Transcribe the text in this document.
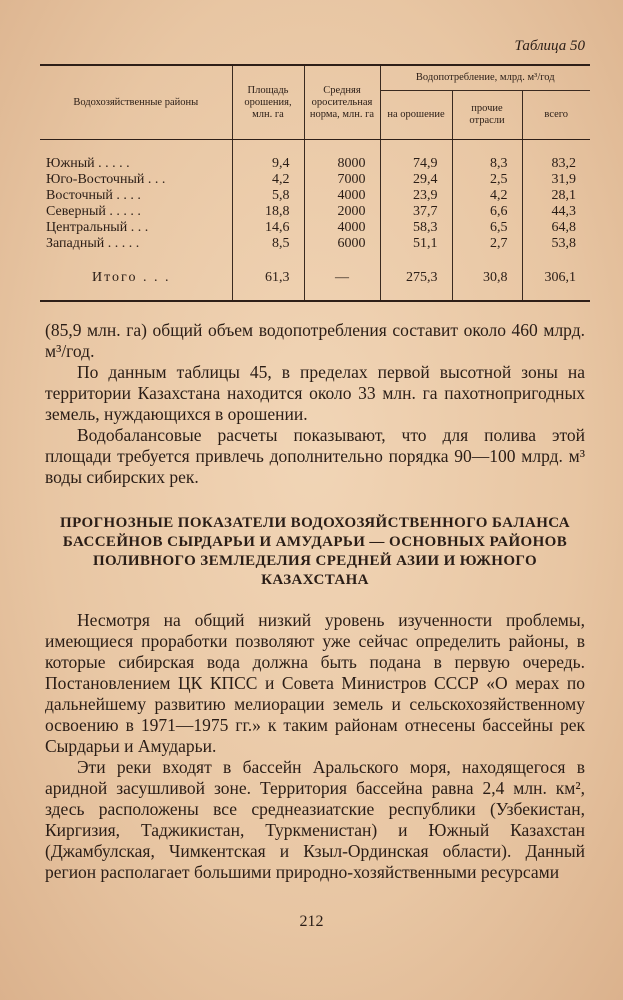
Таблица 50
Водохозяйственные районы	Площадь орошения, млн. га	Средняя оросительная норма, млн. га	Водопотребление, млрд. м³/год		
			на орошение	прочие отрасли	всего

Южный . . . . .	9,4	8000	74,9	8,3	83,2
Юго-Восточный . . .	4,2	7000	29,4	2,5	31,9
Восточный . . . .	5,8	4000	23,9	4,2	28,1
Северный . . . . .	18,8	2000	37,7	6,6	44,3
Центральный . . .	14,6	4000	58,3	6,5	64,8
Западный . . . . .	8,5	6000	51,1	2,7	53,8

Итого . . .	61,3	—	275,3	30,8	306,1

(85,9 млн. га) общий объем водопотребления составит около 460 млрд. м³/год.

По данным таблицы 45, в пределах первой высотной зоны на территории Казахстана находится около 33 млн. га пахотнопригодных земель, нуждающихся в орошении.

Водобалансовые расчеты показывают, что для полива этой площади требуется привлечь дополнительно порядка 90—100 млрд. м³ воды сибирских рек.

ПРОГНОЗНЫЕ ПОКАЗАТЕЛИ ВОДОХОЗЯЙСТВЕННОГО БАЛАНСА БАССЕЙНОВ СЫРДАРЬИ И АМУДАРЬИ — ОСНОВНЫХ РАЙОНОВ ПОЛИВНОГО ЗЕМЛЕДЕЛИЯ СРЕДНЕЙ АЗИИ И ЮЖНОГО КАЗАХСТАНА

Несмотря на общий низкий уровень изученности проблемы, имеющиеся проработки позволяют уже сейчас определить районы, в которые сибирская вода должна быть подана в первую очередь. Постановлением ЦК КПСС и Совета Министров СССР «О мерах по дальнейшему развитию мелиорации земель и сельскохозяйственному освоению в 1971—1975 гг.» к таким районам отнесены бассейны рек Сырдарьи и Амударьи.

Эти реки входят в бассейн Аральского моря, находящегося в аридной засушливой зоне. Территория бассейна равна 2,4 млн. км², здесь расположены все среднеазиатские республики (Узбекистан, Киргизия, Таджикистан, Туркменистан) и Южный Казахстан (Джамбулская, Чимкентская и Кзыл-Ординская области). Данный регион располагает большими природно-хозяйственными ресурсами

212
